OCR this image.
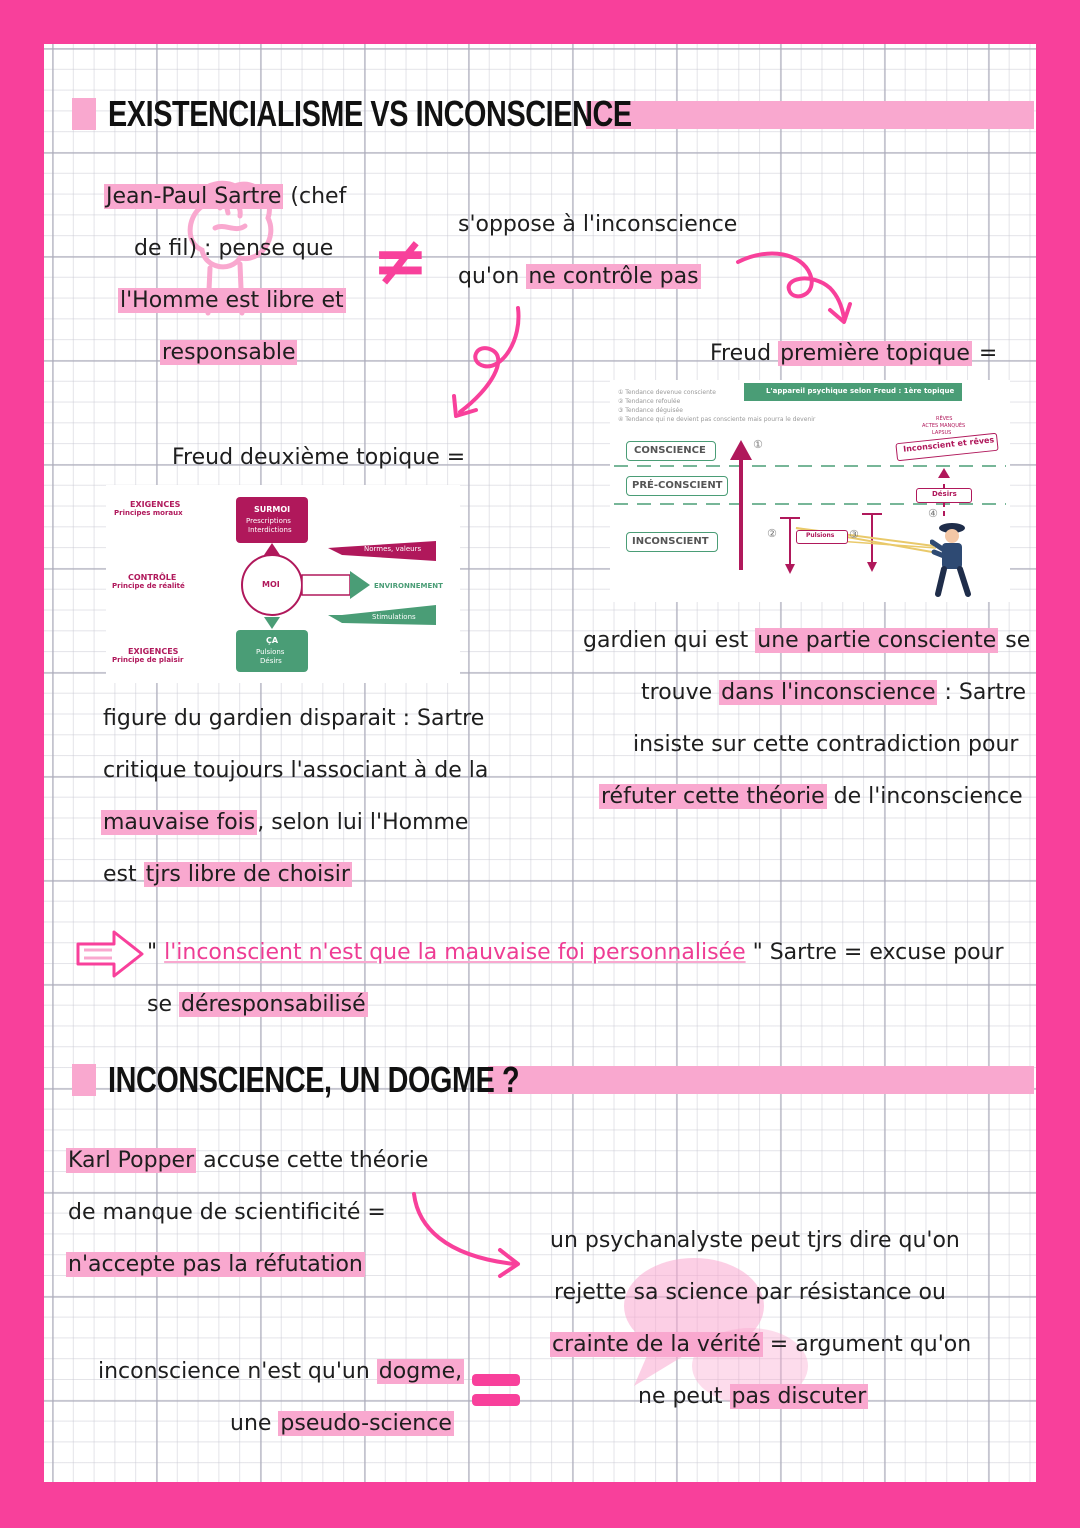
EXISTENCIALISME VS INCONSCIENCE
Jean-Paul Sartre (chef
de fil) : pense que
l'Homme est libre et
responsable
≠ s'oppose à l'inconscience
qu'on ne contrôle pas
Freud première topique =
① Tendance devenue consciente
② Tendance refoulée
③ Tendance déguisée
④ Tendance qui ne devient pas consciente mais pourra le devenir
L'appareil psychique selon Freud : 1ère topique
RÊVES
ACTES MANQUÉS
LAPSUS
CONSCIENCE
PRÉ-CONSCIENT
INCONSCIENT
Inconscient et rêves
Désirs
Pulsions
①
②	③
④
Freud deuxième topique =
EXIGENCES
Principes moraux
CONTRÔLE
Principe de réalité
EXIGENCES
Principe de plaisir
SURMOI
Prescriptions
Interdictions
MOI
ÇA
Pulsions
Désirs
Normes, valeurs
ENVIRONNEMENT
Stimulations
gardien qui est une partie consciente se
trouve dans l'inconscience : Sartre
insiste sur cette contradiction pour
réfuter cette théorie de l'inconscience
figure du gardien disparait : Sartre
critique toujours l'associant à de la
mauvaise fois, selon lui l'Homme
est tjrs libre de choisir
" l'inconscient n'est que la mauvaise foi personnalisée " Sartre = excuse pour
se déresponsabilisé
INCONSCIENCE, UN DOGME ?
Karl Popper accuse cette théorie
de manque de scientificité =
n'accepte pas la réfutation
un psychanalyste peut tjrs dire qu'on
rejette sa science par résistance ou
crainte de la vérité = argument qu'on
ne peut pas discuter
inconscience n'est qu'un dogme,
une pseudo-science
